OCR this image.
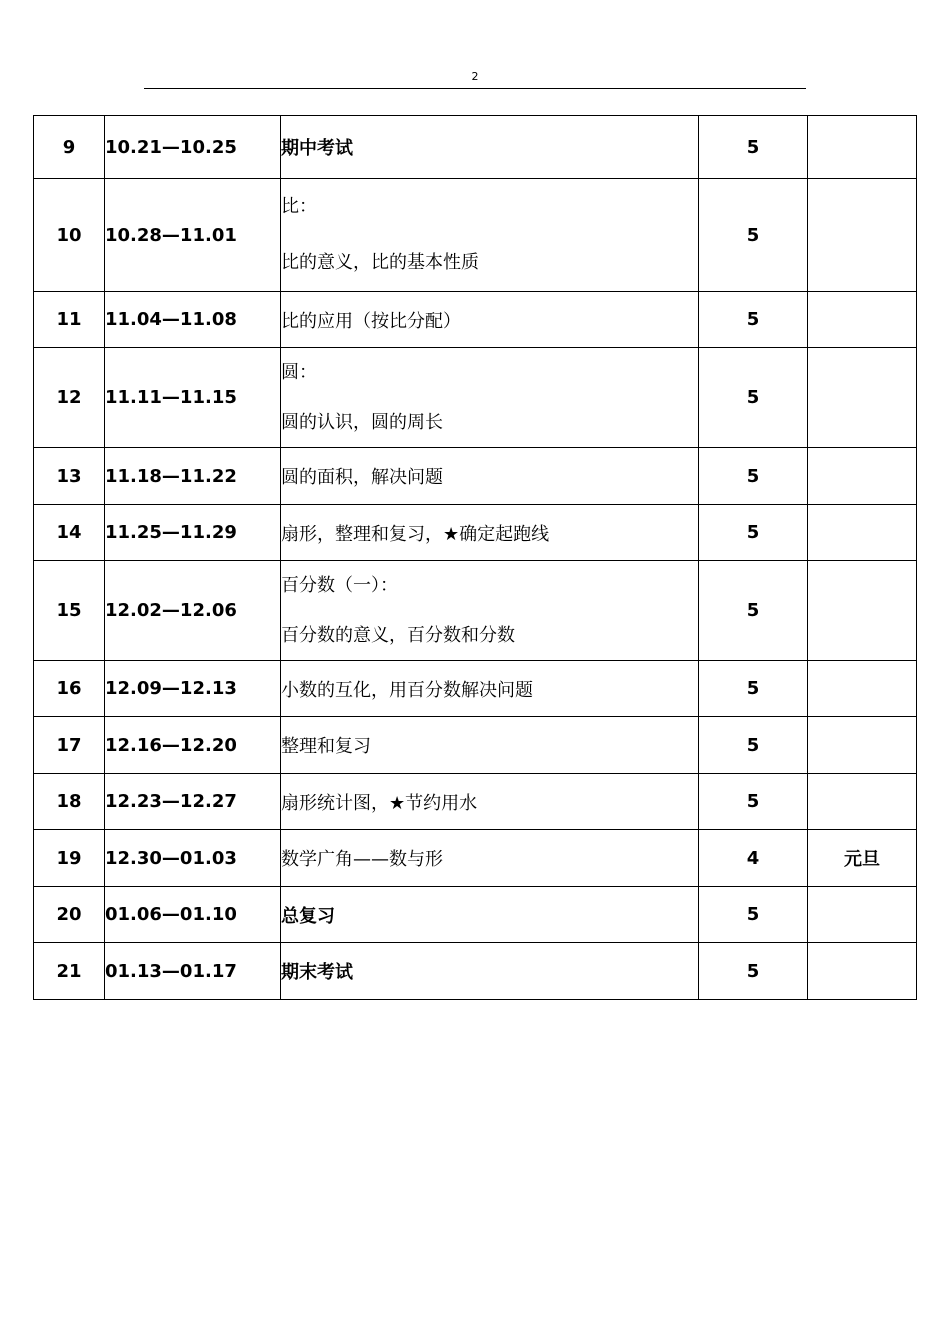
2
9	10.21—10.25	期中考试	5	
10	10.28—11.01	比：
比的意义，比的基本性质	5	
11	11.04—11.08	比的应用（按比分配）	5	
12	11.11—11.15	圆：
圆的认识，圆的周长	5	
13	11.18—11.22	圆的面积，解决问题	5	
14	11.25—11.29	扇形，整理和复习，★确定起跑线	5	
15	12.02—12.06	百分数（一）：
百分数的意义，百分数和分数	5	
16	12.09—12.13	小数的互化，用百分数解决问题	5	
17	12.16—12.20	整理和复习	5	
18	12.23—12.27	扇形统计图，★节约用水	5	
19	12.30—01.03	数学广角——数与形	4	元旦
20	01.06—01.10	总复习	5	
21	01.13—01.17	期末考试	5	
